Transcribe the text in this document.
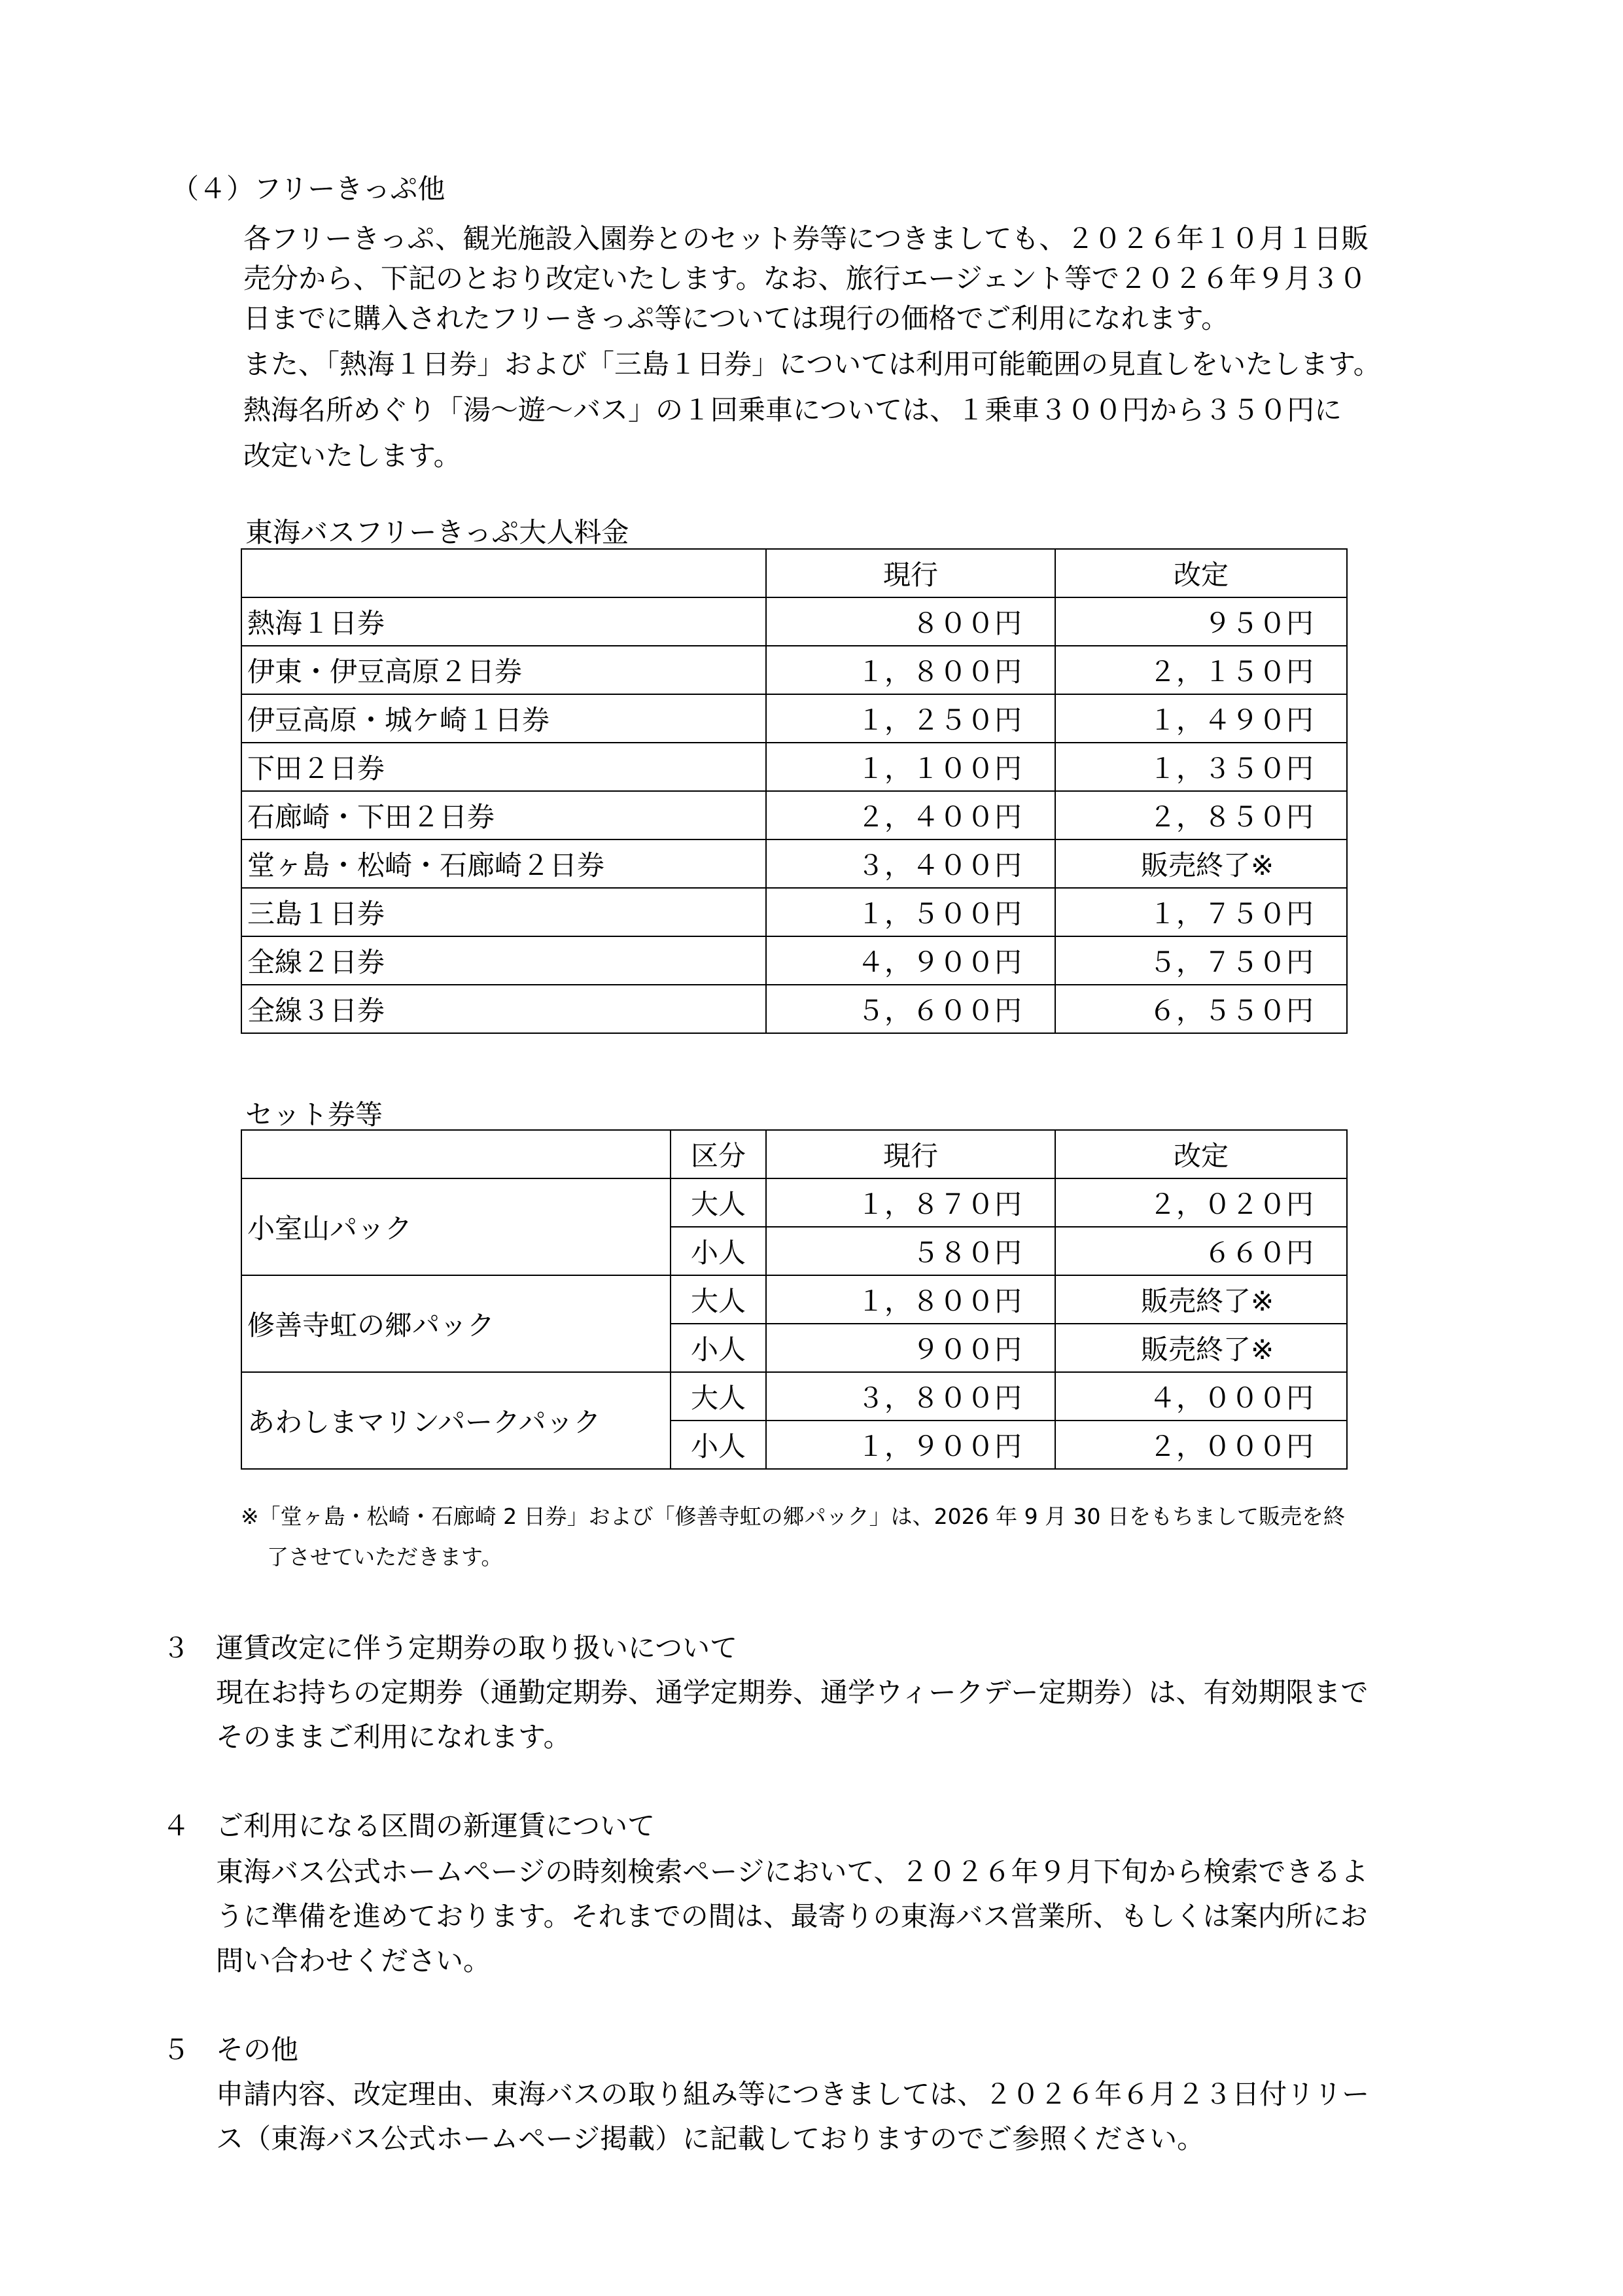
（４）フリーきっぷ他
各フリーきっぷ、観光施設入園券とのセット券等につきましても、２０２６年１０月１日販
売分から、下記のとおり改定いたします。なお、旅行エージェント等で２０２６年９月３０
日までに購入されたフリーきっぷ等については現行の価格でご利用になれます。
また、「熱海１日券」および「三島１日券」については利用可能範囲の見直しをいたします。
熱海名所めぐり「湯～遊～バス」の１回乗車については、１乗車３００円から３５０円に
改定いたします。
東海バスフリーきっぷ大人料金
	現行	改定
熱海１日券	８００円	９５０円
伊東・伊豆高原２日券	１，８００円	２，１５０円
伊豆高原・城ケ崎１日券	１，２５０円	１，４９０円
下田２日券	１，１００円	１，３５０円
石廊崎・下田２日券	２，４００円	２，８５０円
堂ヶ島・松崎・石廊崎２日券	３，４００円	販売終了※
三島１日券	１，５００円	１，７５０円
全線２日券	４，９００円	５，７５０円
全線３日券	５，６００円	６，５５０円
セット券等
	区分	現行	改定
小室山パック	大人	１，８７０円	２，０２０円
	小人	５８０円	６６０円
修善寺虹の郷パック	大人	１，８００円	販売終了※
	小人	９００円	販売終了※
あわしまマリンパークパック	大人	３，８００円	４，０００円
	小人	１，９００円	２，０００円
※「堂ヶ島・松崎・石廊崎 2 日券」および「修善寺虹の郷パック」は、2026 年 9 月 30 日をもちまして販売を終
了させていただきます。
３ 運賃改定に伴う定期券の取り扱いについて
現在お持ちの定期券（通勤定期券、通学定期券、通学ウィークデー定期券）は、有効期限まで
そのままご利用になれます。
４ ご利用になる区間の新運賃について
東海バス公式ホームページの時刻検索ページにおいて、２０２６年９月下旬から検索できるよ
うに準備を進めております。それまでの間は、最寄りの東海バス営業所、もしくは案内所にお
問い合わせください。
５ その他
申請内容、改定理由、東海バスの取り組み等につきましては、２０２６年６月２３日付リリー
ス（東海バス公式ホームページ掲載）に記載しておりますのでご参照ください。
